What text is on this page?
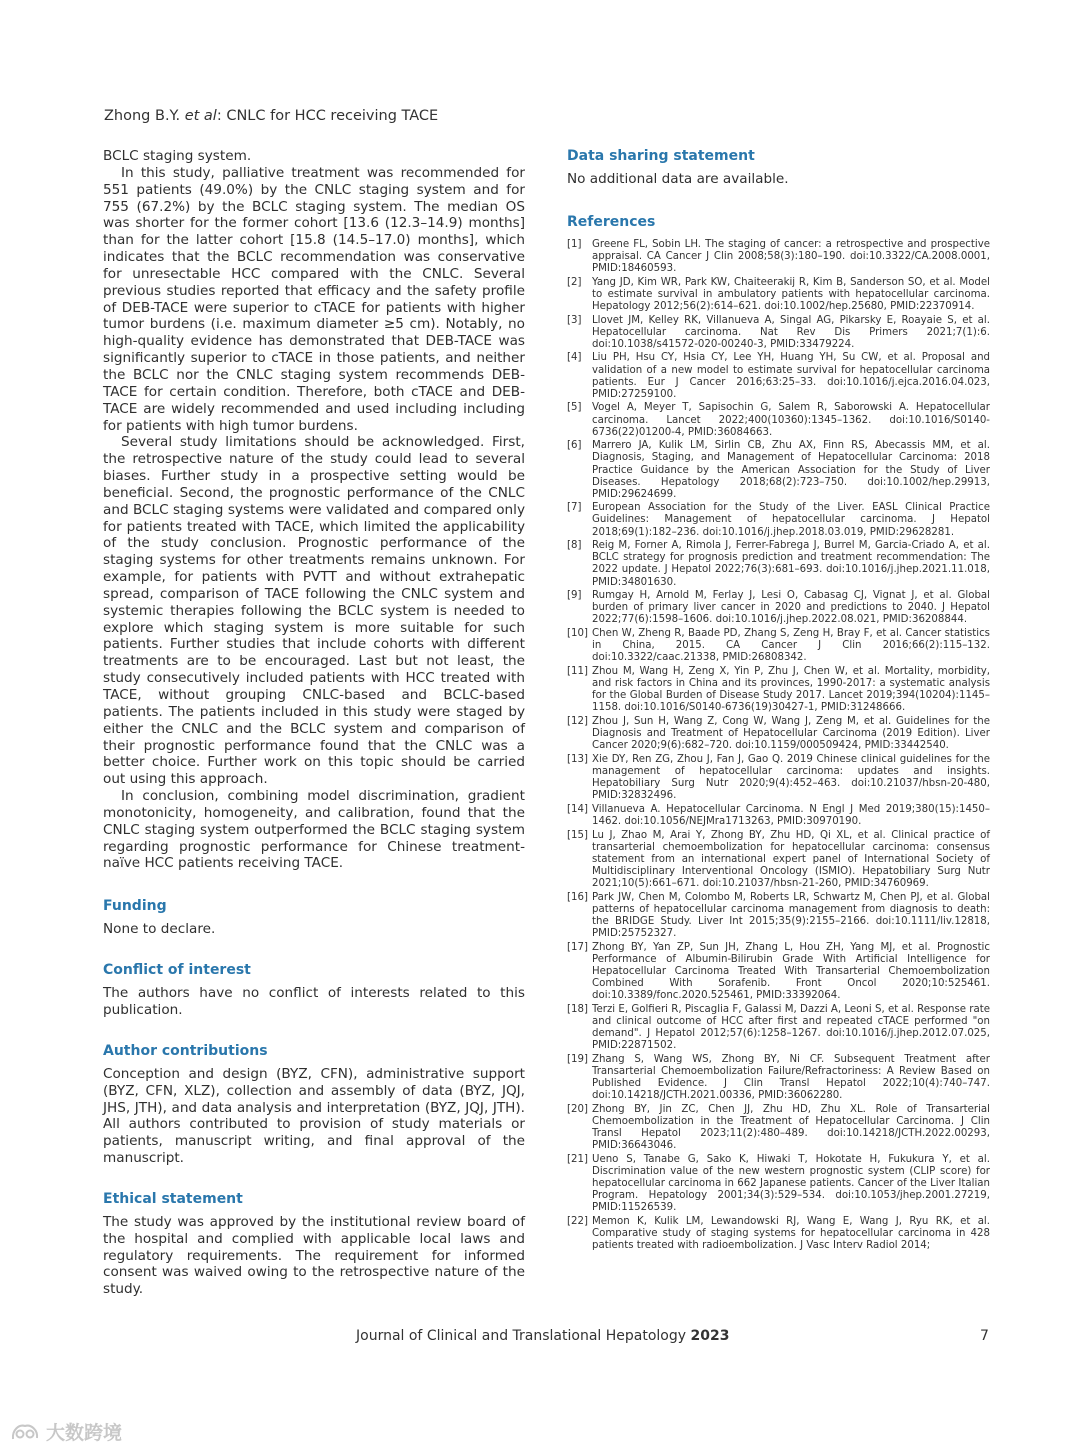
Zhong B.Y. et al: CNLC for HCC receiving TACE

BCLC staging system.

In this study, palliative treatment was recommended for 551 patients (49.0%) by the CNLC staging system and for 755 (67.2%) by the BCLC staging system. The median OS was shorter for the former cohort [13.6 (12.3–14.9) months] than for the latter cohort [15.8 (14.5–17.0) months], which indicates that the BCLC recommendation was conservative for unresectable HCC compared with the CNLC. Several previous studies reported that efficacy and the safety profile of DEB-TACE were superior to cTACE for patients with higher tumor burdens (i.e. maximum diameter ≥5 cm). Notably, no high-quality evidence has demonstrated that DEB-TACE was significantly superior to cTACE in those patients, and neither the BCLC nor the CNLC staging system recommends DEB-TACE for certain condition. Therefore, both cTACE and DEB-TACE are widely recommended and used including including for patients with high tumor burdens.

Several study limitations should be acknowledged. First, the retrospective nature of the study could lead to several biases. Further study in a prospective setting would be beneficial. Second, the prognostic performance of the CNLC and BCLC staging systems were validated and compared only for patients treated with TACE, which limited the applicability of the study conclusion. Prognostic performance of the staging systems for other treatments remains unknown. For example, for patients with PVTT and without extrahepatic spread, comparison of TACE following the CNLC system and systemic therapies following the BCLC system is needed to explore which staging system is more suitable for such patients. Further studies that include cohorts with different treatments are to be encouraged. Last but not least, the study consecutively included patients with HCC treated with TACE, without grouping CNLC-based and BCLC-based patients. The patients included in this study were staged by either the CNLC and the BCLC system and comparison of their prognostic performance found that the CNLC was a better choice. Further work on this topic should be carried out using this approach.

In conclusion, combining model discrimination, gradient monotonicity, homogeneity, and calibration, found that the CNLC staging system outperformed the BCLC staging system regarding prognostic performance for Chinese treatment-naïve HCC patients receiving TACE.

Funding

None to declare.

Conflict of interest

The authors have no conflict of interests related to this publication.

Author contributions

Conception and design (BYZ, CFN), administrative support (BYZ, CFN, XLZ), collection and assembly of data (BYZ, JQJ, JHS, JTH), and data analysis and interpretation (BYZ, JQJ, JTH). All authors contributed to provision of study materials or patients, manuscript writing, and final approval of the manuscript.

Ethical statement

The study was approved by the institutional review board of the hospital and complied with applicable local laws and regulatory requirements. The requirement for informed consent was waived owing to the retrospective nature of the study.

Data sharing statement

No additional data are available.

References
[1]	Greene FL, Sobin LH. The staging of cancer: a retrospective and prospective appraisal. CA Cancer J Clin 2008;58(3):180–190. doi:10.3322/CA.2008.0001, PMID:18460593.
[2]	Yang JD, Kim WR, Park KW, Chaiteerakij R, Kim B, Sanderson SO, et al. Model to estimate survival in ambulatory patients with hepatocellular carcinoma. Hepatology 2012;56(2):614–621. doi:10.1002/hep.25680, PMID:22370914.
[3]	Llovet JM, Kelley RK, Villanueva A, Singal AG, Pikarsky E, Roayaie S, et al. Hepatocellular carcinoma. Nat Rev Dis Primers 2021;7(1):6. doi:10.1038/s41572-020-00240-3, PMID:33479224.
[4]	Liu PH, Hsu CY, Hsia CY, Lee YH, Huang YH, Su CW, et al. Proposal and validation of a new model to estimate survival for hepatocellular carcinoma patients. Eur J Cancer 2016;63:25–33. doi:10.1016/j.ejca.2016.04.023, PMID:27259100.
[5]	Vogel A, Meyer T, Sapisochin G, Salem R, Saborowski A. Hepatocellular carcinoma. Lancet 2022;400(10360):1345–1362. doi:10.1016/S0140-6736(22)01200-4, PMID:36084663.
[6]	Marrero JA, Kulik LM, Sirlin CB, Zhu AX, Finn RS, Abecassis MM, et al. Diagnosis, Staging, and Management of Hepatocellular Carcinoma: 2018 Practice Guidance by the American Association for the Study of Liver Diseases. Hepatology 2018;68(2):723–750. doi:10.1002/hep.29913, PMID:29624699.
[7]	European Association for the Study of the Liver. EASL Clinical Practice Guidelines: Management of hepatocellular carcinoma. J Hepatol 2018;69(1):182–236. doi:10.1016/j.jhep.2018.03.019, PMID:29628281.
[8]	Reig M, Forner A, Rimola J, Ferrer-Fabrega J, Burrel M, Garcia-Criado A, et al. BCLC strategy for prognosis prediction and treatment recommendation: The 2022 update. J Hepatol 2022;76(3):681–693. doi:10.1016/j.jhep.2021.11.018, PMID:34801630.
[9]	Rumgay H, Arnold M, Ferlay J, Lesi O, Cabasag CJ, Vignat J, et al. Global burden of primary liver cancer in 2020 and predictions to 2040. J Hepatol 2022;77(6):1598–1606. doi:10.1016/j.jhep.2022.08.021, PMID:36208844.
[10] Chen W, Zheng R, Baade PD, Zhang S, Zeng H, Bray F, et al. Cancer statistics in China, 2015. CA Cancer J Clin 2016;66(2):115–132. doi:10.3322/caac.21338, PMID:26808342.
[11] Zhou M, Wang H, Zeng X, Yin P, Zhu J, Chen W, et al. Mortality, morbidity, and risk factors in China and its provinces, 1990-2017: a systematic analysis for the Global Burden of Disease Study 2017. Lancet 2019;394(10204):1145–1158. doi:10.1016/S0140-6736(19)30427-1, PMID:31248666.
[12] Zhou J, Sun H, Wang Z, Cong W, Wang J, Zeng M, et al. Guidelines for the Diagnosis and Treatment of Hepatocellular Carcinoma (2019 Edition). Liver Cancer 2020;9(6):682–720. doi:10.1159/000509424, PMID:33442540.
[13] Xie DY, Ren ZG, Zhou J, Fan J, Gao Q. 2019 Chinese clinical guidelines for the management of hepatocellular carcinoma: updates and insights. Hepatobiliary Surg Nutr 2020;9(4):452–463. doi:10.21037/hbsn-20-480, PMID:32832496.
[14] Villanueva A. Hepatocellular Carcinoma. N Engl J Med 2019;380(15):1450–1462. doi:10.1056/NEJMra1713263, PMID:30970190.
[15] Lu J, Zhao M, Arai Y, Zhong BY, Zhu HD, Qi XL, et al. Clinical practice of transarterial chemoembolization for hepatocellular carcinoma: consensus statement from an international expert panel of International Society of Multidisciplinary Interventional Oncology (ISMIO). Hepatobiliary Surg Nutr 2021;10(5):661–671. doi:10.21037/hbsn-21-260, PMID:34760969.
[16] Park JW, Chen M, Colombo M, Roberts LR, Schwartz M, Chen PJ, et al. Global patterns of hepatocellular carcinoma management from diagnosis to death: the BRIDGE Study. Liver Int 2015;35(9):2155–2166. doi:10.1111/liv.12818, PMID:25752327.
[17] Zhong BY, Yan ZP, Sun JH, Zhang L, Hou ZH, Yang MJ, et al. Prognostic Performance of Albumin-Bilirubin Grade With Artificial Intelligence for Hepatocellular Carcinoma Treated With Transarterial Chemoembolization Combined With Sorafenib. Front Oncol 2020;10:525461. doi:10.3389/fonc.2020.525461, PMID:33392064.
[18] Terzi E, Golfieri R, Piscaglia F, Galassi M, Dazzi A, Leoni S, et al. Response rate and clinical outcome of HCC after first and repeated cTACE performed "on demand". J Hepatol 2012;57(6):1258–1267. doi:10.1016/j.jhep.2012.07.025, PMID:22871502.
[19] Zhang S, Wang WS, Zhong BY, Ni CF. Subsequent Treatment after Transarterial Chemoembolization Failure/Refractoriness: A Review Based on Published Evidence. J Clin Transl Hepatol 2022;10(4):740–747. doi:10.14218/JCTH.2021.00336, PMID:36062280.
[20] Zhong BY, Jin ZC, Chen JJ, Zhu HD, Zhu XL. Role of Transarterial Chemoembolization in the Treatment of Hepatocellular Carcinoma. J Clin Transl Hepatol 2023;11(2):480–489. doi:10.14218/JCTH.2022.00293, PMID:36643046.
[21] Ueno S, Tanabe G, Sako K, Hiwaki T, Hokotate H, Fukukura Y, et al. Discrimination value of the new western prognostic system (CLIP score) for hepatocellular carcinoma in 662 Japanese patients. Cancer of the Liver Italian Program. Hepatology 2001;34(3):529–534. doi:10.1053/jhep.2001.27219, PMID:11526539.
[22] Memon K, Kulik LM, Lewandowski RJ, Wang E, Wang J, Ryu RK, et al. Comparative study of staging systems for hepatocellular carcinoma in 428 patients treated with radioembolization. J Vasc Interv Radiol 2014;
Journal of Clinical and Translational Hepatology 2023	7
大数跨境
